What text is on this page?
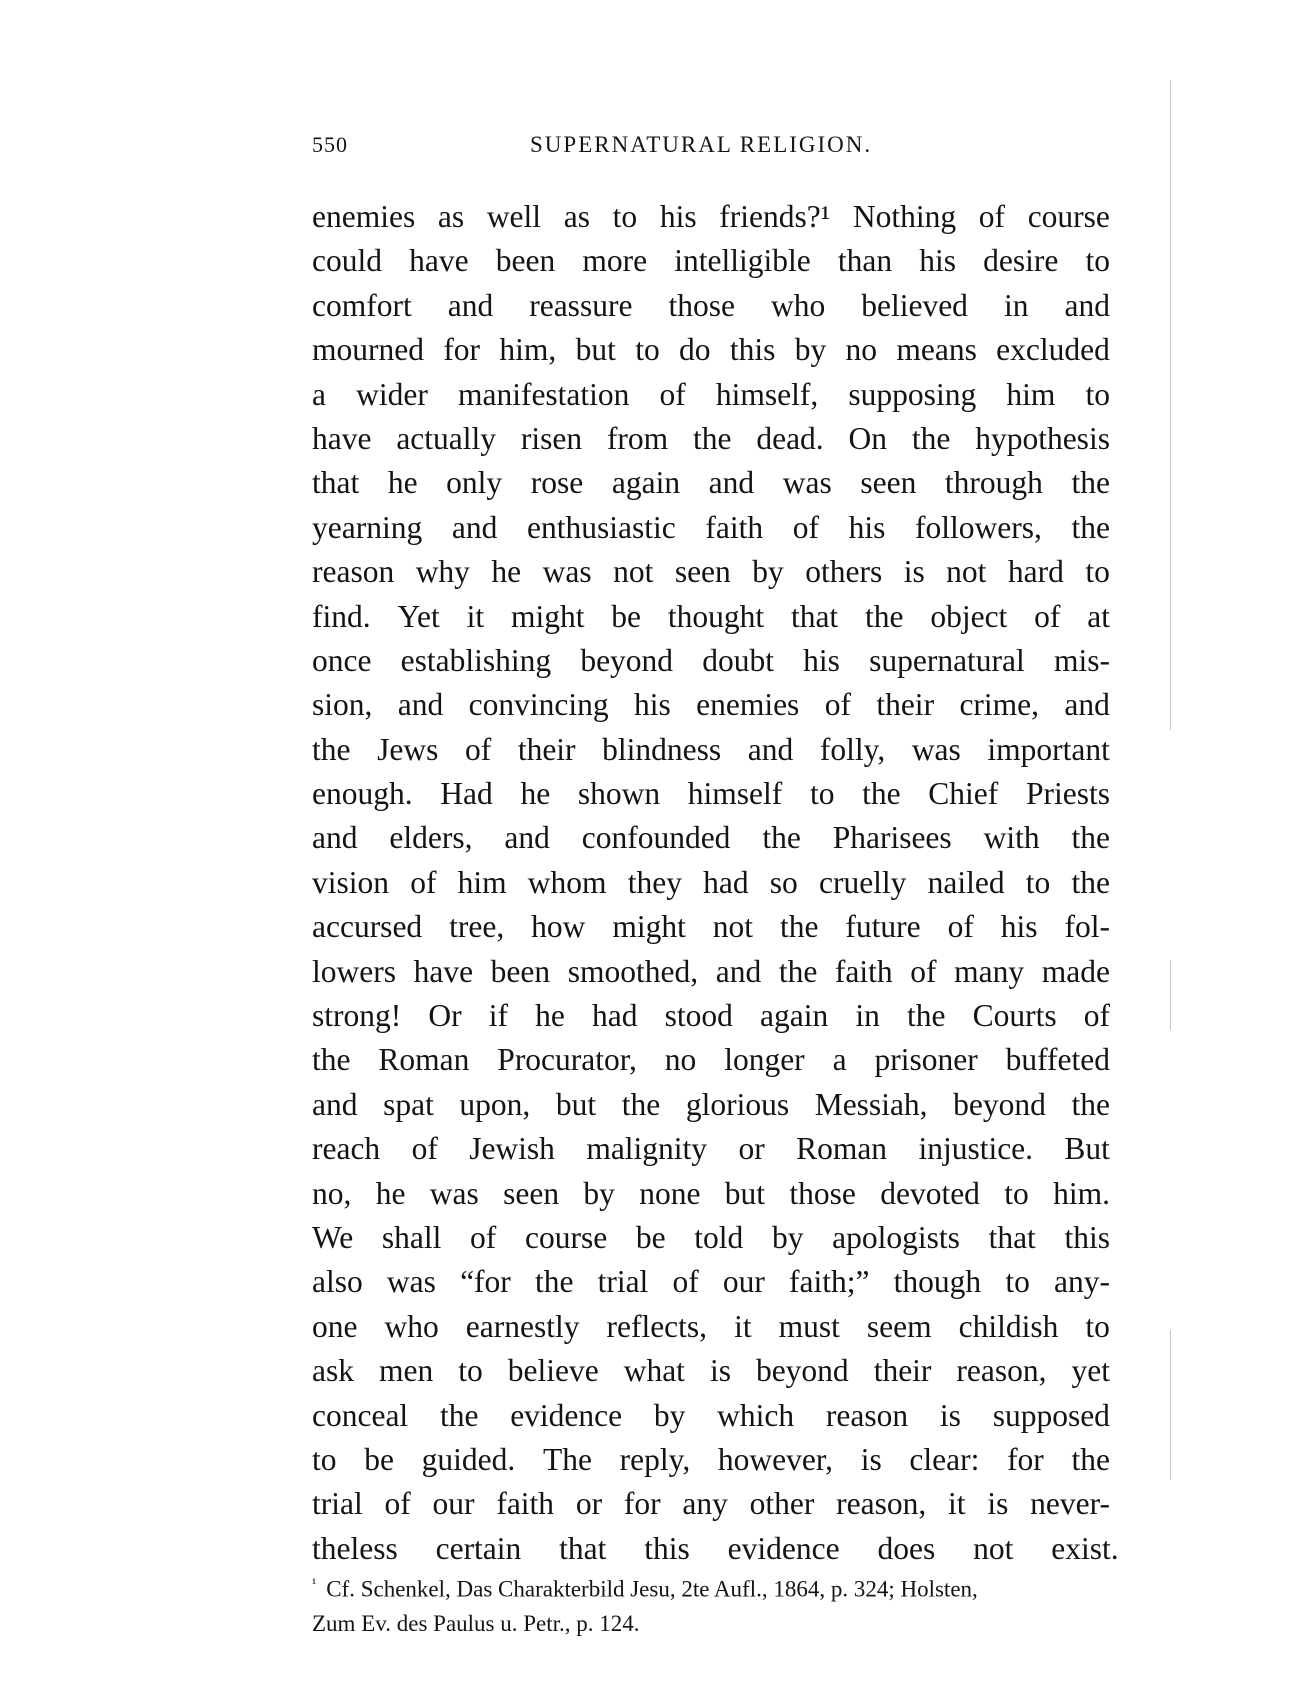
550	SUPERNATURAL RELIGION.
enemies as well as to his friends?¹ Nothing of course
could have been more intelligible than his desire to
comfort and reassure those who believed in and
mourned for him, but to do this by no means excluded
a wider manifestation of himself, supposing him to
have actually risen from the dead. On the hypothesis
that he only rose again and was seen through the
yearning and enthusiastic faith of his followers, the
reason why he was not seen by others is not hard to
find. Yet it might be thought that the object of at
once establishing beyond doubt his supernatural mis-
sion, and convincing his enemies of their crime, and
the Jews of their blindness and folly, was important
enough. Had he shown himself to the Chief Priests
and elders, and confounded the Pharisees with the
vision of him whom they had so cruelly nailed to the
accursed tree, how might not the future of his fol-
lowers have been smoothed, and the faith of many made
strong! Or if he had stood again in the Courts of
the Roman Procurator, no longer a prisoner buffeted
and spat upon, but the glorious Messiah, beyond the
reach of Jewish malignity or Roman injustice. But
no, he was seen by none but those devoted to him.
We shall of course be told by apologists that this
also was “for the trial of our faith;” though to any-
one who earnestly reflects, it must seem childish to
ask men to believe what is beyond their reason, yet
conceal the evidence by which reason is supposed
to be guided. The reply, however, is clear: for the
trial of our faith or for any other reason, it is never-
theless certain that this evidence does not exist.
$^{^1}$ Cf. Schenkel, Das Charakterbild Jesu, 2te Aufl., 1864, p. 324; Holsten,
Zum Ev. des Paulus u. Petr., p. 124.
